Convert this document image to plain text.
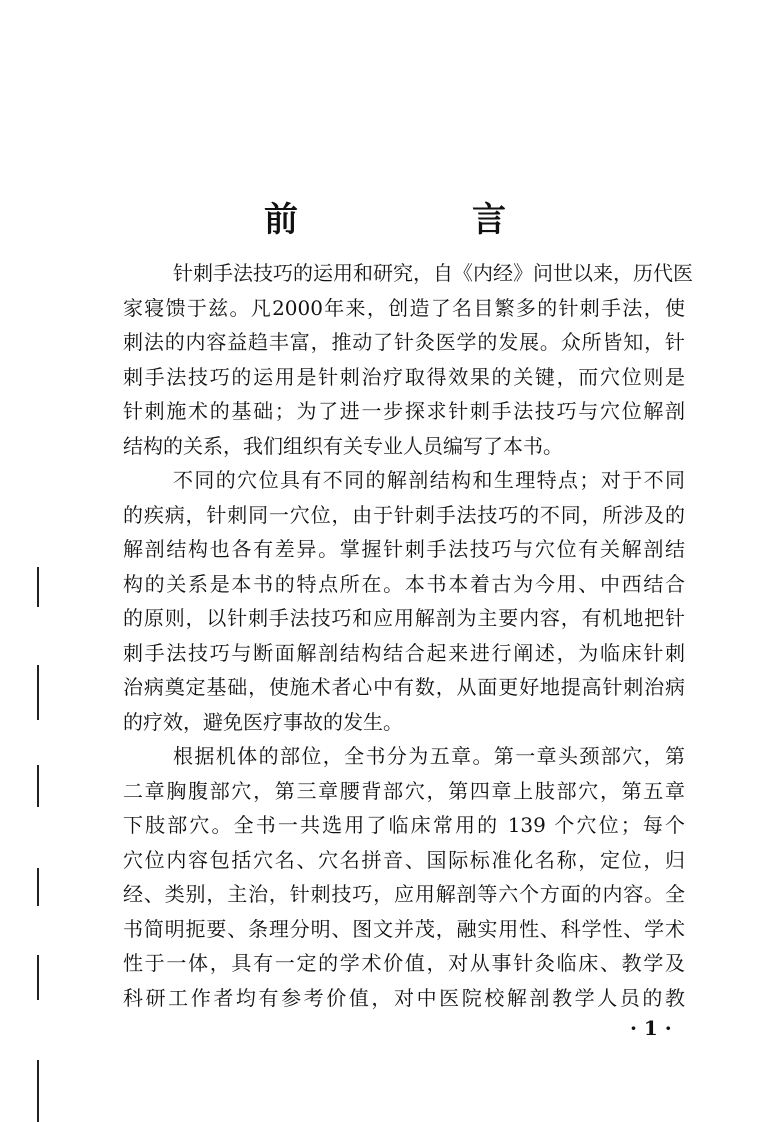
前　言
针刺手法技巧的运用和研究，自《内经》问世以来，历代医
家寝馈于兹。凡2000年来，创造了名目繁多的针刺手法，使
刺法的内容益趋丰富，推动了针灸医学的发展。众所皆知，针
刺手法技巧的运用是针刺治疗取得效果的关键，而穴位则是
针刺施术的基础；为了进一步探求针刺手法技巧与穴位解剖
结构的关系，我们组织有关专业人员编写了本书。
不同的穴位具有不同的解剖结构和生理特点；对于不同
的疾病，针刺同一穴位，由于针刺手法技巧的不同，所涉及的
解剖结构也各有差异。掌握针刺手法技巧与穴位有关解剖结
构的关系是本书的特点所在。本书本着古为今用、中西结合
的原则，以针刺手法技巧和应用解剖为主要内容，有机地把针
刺手法技巧与断面解剖结构结合起来进行阐述，为临床针刺
治病奠定基础，使施术者心中有数，从面更好地提高针刺治病
的疗效，避免医疗事故的发生。
根据机体的部位，全书分为五章。第一章头颈部穴，第
二章胸腹部穴，第三章腰背部穴，第四章上肢部穴，第五章
下肢部穴。全书一共选用了临床常用的 139 个穴位；每个
穴位内容包括穴名、穴名拼音、国际标准化名称，定位，归
经、类别，主治，针刺技巧，应用解剖等六个方面的内容。全
书简明扼要、条理分明、图文并茂，融实用性、科学性、学术
性于一体，具有一定的学术价值，对从事针灸临床、教学及
科研工作者均有参考价值，对中医院校解剖教学人员的教
· 1 ·
